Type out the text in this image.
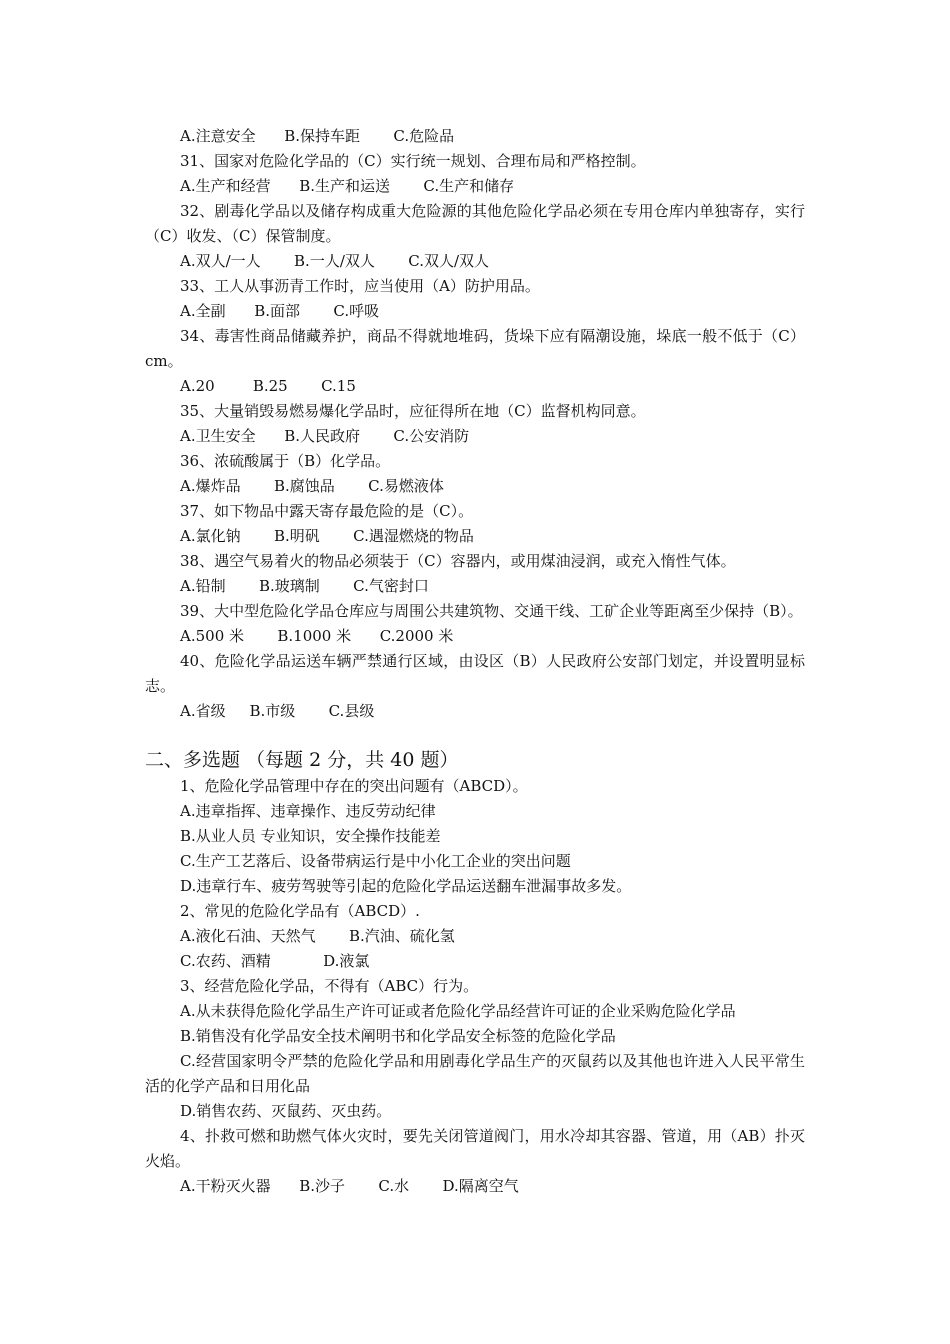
A.注意安全      B.保持车距       C.危险品
31、国家对危险化学品的（C）实行统一规划、合理布局和严格控制。
A.生产和经营      B.生产和运送       C.生产和储存
32、剧毒化学品以及储存构成重大危险源的其他危险化学品必须在专用仓库内单独寄存，实行（C）收发、（C）保管制度。
A.双人/一人       B.一人/双人       C.双人/双人
33、工人从事沥青工作时，应当使用（A）防护用品。
A.全副      B.面部       C.呼吸
34、毒害性商品储藏养护，商品不得就地堆码，货垛下应有隔潮设施，垛底一般不低于（C）cm。
A.20        B.25       C.15
35、大量销毁易燃易爆化学品时，应征得所在地（C）监督机构同意。
A.卫生安全      B.人民政府       C.公安消防
36、浓硫酸属于（B）化学品。
A.爆炸品       B.腐蚀品       C.易燃液体
37、如下物品中露天寄存最危险的是（C）。
A.氯化钠       B.明矾       C.遇湿燃烧的物品
38、遇空气易着火的物品必须装于（C）容器内，或用煤油浸润，或充入惰性气体。
A.铅制       B.玻璃制       C.气密封口
39、大中型危险化学品仓库应与周围公共建筑物、交通干线、工矿企业等距离至少保持（B）。
A.500 米       B.1000 米      C.2000 米
40、危险化学品运送车辆严禁通行区域，由设区（B）人民政府公安部门划定，并设置明显标志。
A.省级     B.市级       C.县级
二、多选题 （每题 2 分，共 40 题）
1、危险化学品管理中存在的突出问题有（ABCD）。
A.违章指挥、违章操作、违反劳动纪律
B.从业人员 专业知识，安全操作技能差
C.生产工艺落后、设备带病运行是中小化工企业的突出问题
D.违章行车、疲劳驾驶等引起的危险化学品运送翻车泄漏事故多发。
2、常见的危险化学品有（ABCD）.
A.液化石油、天然气       B.汽油、硫化氢
C.农药、酒精           D.液氯
3、经营危险化学品，不得有（ABC）行为。
A.从未获得危险化学品生产许可证或者危险化学品经营许可证的企业采购危险化学品
B.销售没有化学品安全技术阐明书和化学品安全标签的危险化学品
C.经营国家明令严禁的危险化学品和用剧毒化学品生产的灭鼠药以及其他也许进入人民平常生活的化学产品和日用化品
D.销售农药、灭鼠药、灭虫药。
4、扑救可燃和助燃气体火灾时，要先关闭管道阀门，用水冷却其容器、管道，用（AB）扑灭火焰。
A.干粉灭火器      B.沙子       C.水       D.隔离空气
